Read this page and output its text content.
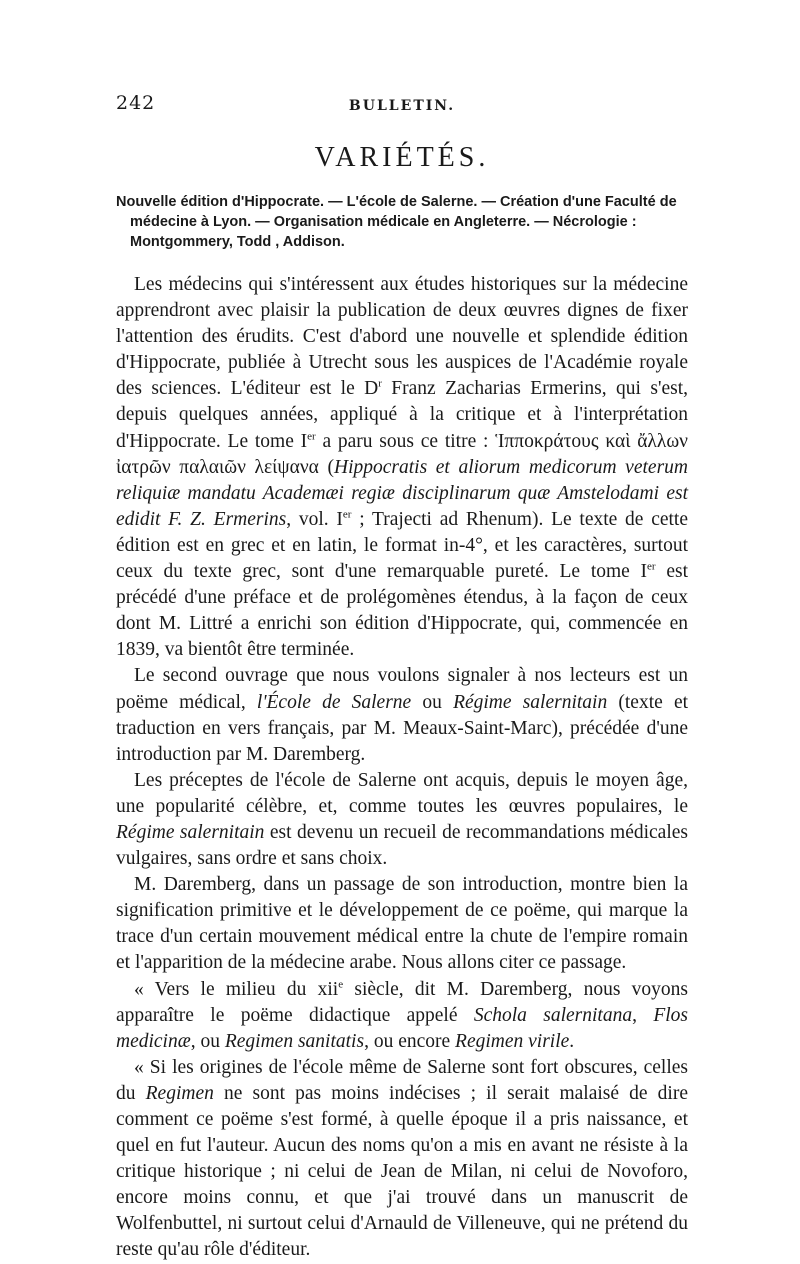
242	BULLETIN.
VARIÉTÉS.

Nouvelle édition d'Hippocrate. — L'école de Salerne. — Création d'une Faculté de médecine à Lyon. — Organisation médicale en Angleterre. — Nécrologie : Montgommery, Todd , Addison.

Les médecins qui s'intéressent aux études historiques sur la médecine apprendront avec plaisir la publication de deux œuvres dignes de fixer l'attention des érudits. C'est d'abord une nouvelle et splendide édition d'Hippocrate, publiée à Utrecht sous les auspices de l'Académie royale des sciences. L'éditeur est le $D^r$ Franz Zacharias Ermerins, qui s'est, depuis quelques années, appliqué à la critique et à l'interprétation d'Hippocrate. Le tome Ier a paru sous ce titre : Ἱπποκράτους καὶ ἄλλων ἰατρῶν παλαιῶν λείψανα (Hippocratis et aliorum medicorum veterum reliquiæ mandatu Academæi regiæ disciplinarum quæ Amstelodami est edidit F. Z. Ermerins, vol. Ier ; Trajecti ad Rhenum). Le texte de cette édition est en grec et en latin, le format in-4°, et les caractères, surtout ceux du texte grec, sont d'une remarquable pureté. Le tome Ier est précédé d'une préface et de prolégomènes étendus, à la façon de ceux dont M. Littré a enrichi son édition d'Hippocrate, qui, commencée en 1839, va bientôt être terminée.

Le second ouvrage que nous voulons signaler à nos lecteurs est un poëme médical, l'École de Salerne ou Régime salernitain (texte et traduction en vers français, par M. Meaux-Saint-Marc), précédée d'une introduction par M. Daremberg.

Les préceptes de l'école de Salerne ont acquis, depuis le moyen âge, une popularité célèbre, et, comme toutes les œuvres populaires, le Régime salernitain est devenu un recueil de recommandations médicales vulgaires, sans ordre et sans choix.

M. Daremberg, dans un passage de son introduction, montre bien la signification primitive et le développement de ce poëme, qui marque la trace d'un certain mouvement médical entre la chute de l'empire romain et l'apparition de la médecine arabe. Nous allons citer ce passage.

« Vers le milieu du xii$^e$ siècle, dit M. Daremberg, nous voyons apparaître le poëme didactique appelé Schola salernitana, Flos medicinæ, ou Regimen sanitatis, ou encore Regimen virile.

« Si les origines de l'école même de Salerne sont fort obscures, celles du Regimen ne sont pas moins indécises ; il serait malaisé de dire comment ce poëme s'est formé, à quelle époque il a pris naissance, et quel en fut l'auteur. Aucun des noms qu'on a mis en avant ne résiste à la critique historique ; ni celui de Jean de Milan, ni celui de Novoforo, encore moins connu, et que j'ai trouvé dans un manuscrit de Wolfenbuttel, ni surtout celui d'Arnauld de Villeneuve, qui ne prétend du reste qu'au rôle d'éditeur.
